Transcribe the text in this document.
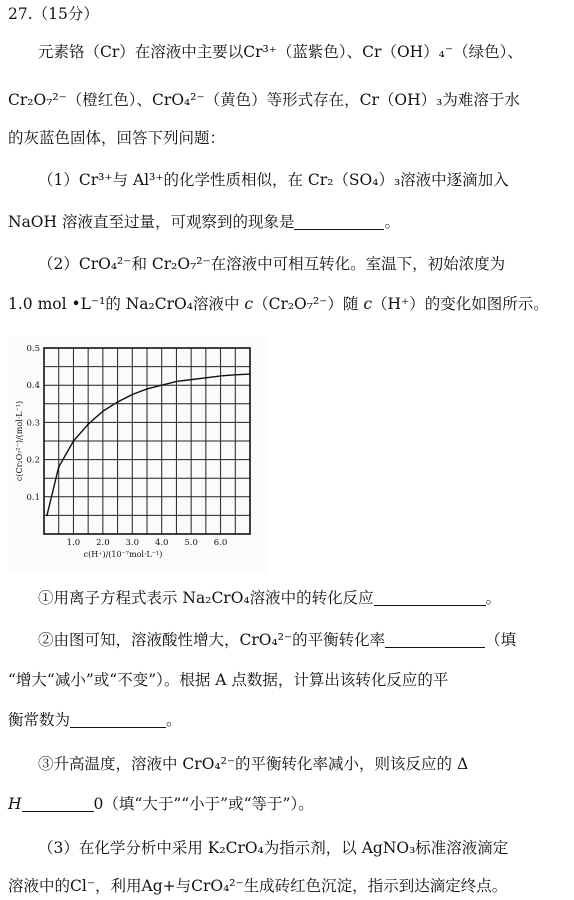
27.（15分）
元素铬（Cr）在溶液中主要以Cr³⁺（蓝紫色）、Cr（OH）₄⁻（绿色）、
Cr₂O₇²⁻（橙红色）、CrO₄²⁻（黄色）等形式存在，Cr（OH）₃为难溶于水
的灰蓝色固体，回答下列问题：
（1）Cr³⁺与 Al³⁺的化学性质相似，在 Cr₂（SO₄）₃溶液中逐滴加入
NaOH 溶液直至过量，可观察到的现象是	。
（2）CrO₄²⁻和 Cr₂O₇²⁻在溶液中可相互转化。室温下，初始浓度为
1.0 mol •L⁻¹的 Na₂CrO₄溶液中 c（Cr₂O₇²⁻）随 c（H⁺）的变化如图所示。
0.1
0.2
0.3
0.4
0.5
1.0 2.0 3.0 4.0 5.0 6.0
c(H⁺)/(10⁻⁷mol·L⁻¹)
c(Cr₂O₇²⁻)/(mol·L⁻¹)
①用离子方程式表示 Na₂CrO₄溶液中的转化反应	。
②由图可知，溶液酸性增大，CrO₄²⁻的平衡转化率	（填
“增大“减小”或“不变”）。根据 A 点数据，计算出该转化反应的平
衡常数为	。
③升高温度，溶液中 CrO₄²⁻的平衡转化率减小，则该反应的 Δ
H	0（填“大于”“小于”或“等于”）。
（3）在化学分析中采用 K₂CrO₄为指示剂，以 AgNO₃标准溶液滴定
溶液中的Cl⁻，利用Ag+与CrO₄²⁻生成砖红色沉淀，指示到达滴定终点。
